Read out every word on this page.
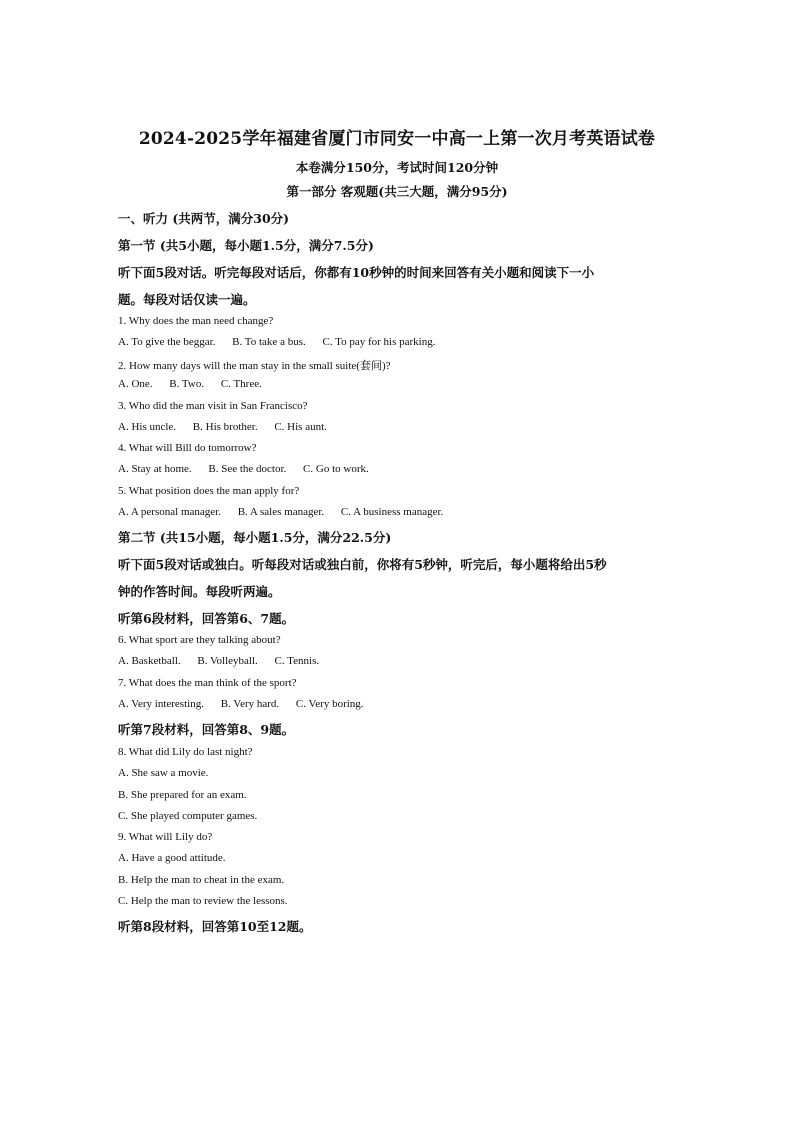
2024-2025学年福建省厦门市同安一中高一上第一次月考英语试卷
本卷满分150分，考试时间120分钟
第一部分 客观题(共三大题，满分95分)
一、听力 (共两节，满分30分)
第一节 (共5小题，每小题1.5分，满分7.5分)
听下面5段对话。听完每段对话后，你都有10秒钟的时间来回答有关小题和阅读下一小
题。每段对话仅读一遍。
1. Why does the man need change?
A. To give the beggar. B. To take a bus. C. To pay for his parking.
2. How many days will the man stay in the small suite(套间)?
A. One. B. Two. C. Three.
3. Who did the man visit in San Francisco?
A. His uncle. B. His brother. C. His aunt.
4. What will Bill do tomorrow?
A. Stay at home. B. See the doctor. C. Go to work.
5. What position does the man apply for?
A. A personal manager. B. A sales manager. C. A business manager.
第二节 (共15小题，每小题1.5分，满分22.5分)
听下面5段对话或独白。听每段对话或独白前，你将有5秒钟，听完后，每小题将给出5秒
钟的作答时间。每段听两遍。
听第6段材料，回答第6、7题。
6. What sport are they talking about?
A. Basketball. B. Volleyball. C. Tennis.
7. What does the man think of the sport?
A. Very interesting. B. Very hard. C. Very boring.
听第7段材料，回答第8、9题。
8. What did Lily do last night?
A. She saw a movie.
B. She prepared for an exam.
C. She played computer games.
9. What will Lily do?
A. Have a good attitude.
B. Help the man to cheat in the exam.
C. Help the man to review the lessons.
听第8段材料，回答第10至12题。
